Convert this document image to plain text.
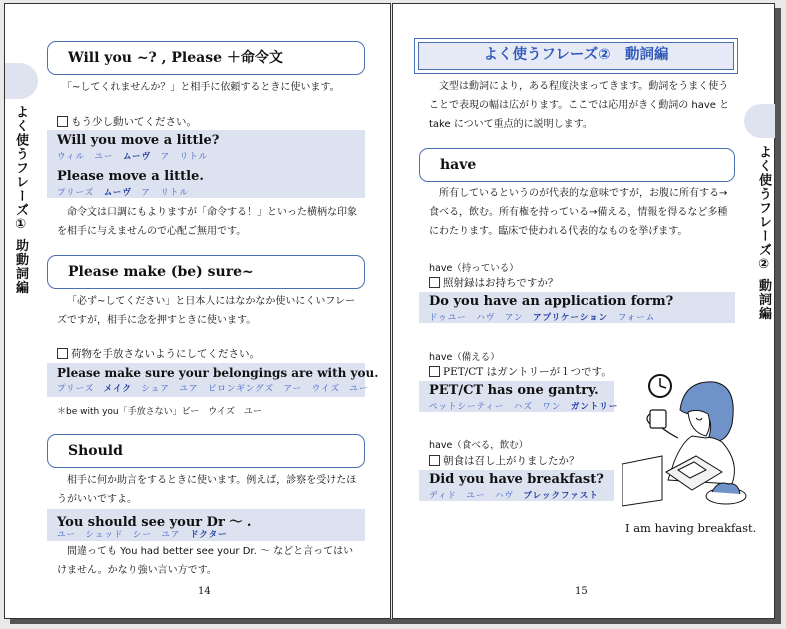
よく使うフレーズ① 助動詞編
Will you ~? , Please ＋命令文
「~してくれませんか？」と相手に依頼するときに使います。
もう少し動いてください。
Will you move a little?
ウィル　 ユー　 ムーヴ　 ア　 リトル
Please move a little.
プリーズ　 ムーヴ　 ア　 リトル
命令文は口調にもよりますが「命令する！」といった横柄な印象を相手に与えませんので心配ご無用です。
Please make (be) sure~
「必ず~してください」と日本人にはなかなか使いにくいフレーズですが，相手に念を押すときに使います。
荷物を手放さないようにしてください。
Please make sure your belongings are with you.
プリーズ　 メイク　 シュア　 ユア　 ビロンギングズ　 アー　 ウイズ　 ユー
＊be with you「手放さない」ビー　ウイズ　ユー
Should
相手に何か助言をするときに使います。例えば，診察を受けたほうがいいですよ。
You should see your Dr ～ .
ユー　 シュッド　 シー　 ユア　 ドクター
間違っても You had better see your Dr. ～ などと言ってはいけません。かなり強い言い方です。
14
よく使うフレーズ② 動詞編
よく使うフレーズ②　動詞編
文型は動詞により，ある程度決まってきます。動詞をうまく使うことで表現の幅は広がります。ここでは応用がきく動詞の have と take について重点的に説明します。
have
所有しているというのが代表的な意味ですが，お腹に所有する→食べる，飲む。所有権を持っている→備える，情報を得るなど多種にわたります。臨床で使われる代表的なものを挙げます。
have（持っている）
照射録はお持ちですか？
Do you have an application form?
ドゥユー　 ハヴ　 アン　 アプリケーション　 フォーム
have（備える）
PET/CT はガントリーが１つです。
PET/CT has one gantry.
ペットシーティー　 ハズ　 ワン　 ガントリー
have（食べる，飲む）
朝食は召し上がりましたか？
Did you have breakfast?
ディド　 ユー　 ハヴ　 ブレックファスト
I am having breakfast.
15
